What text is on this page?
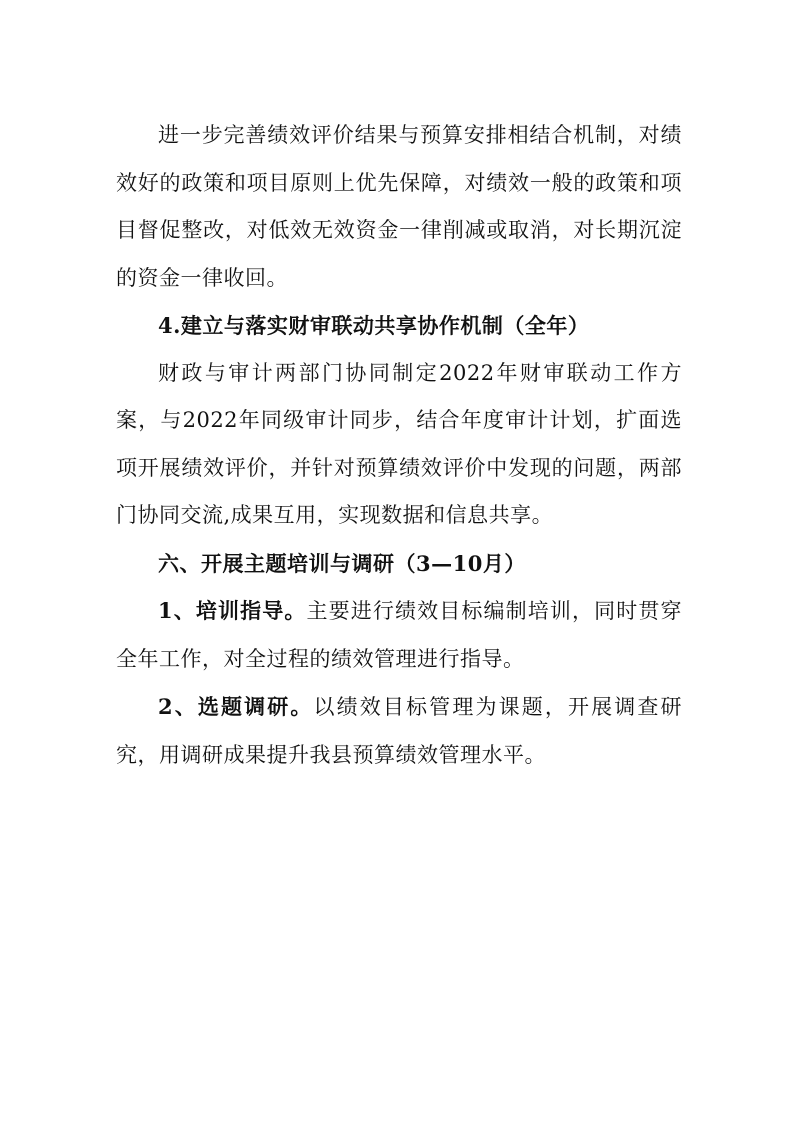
进一步完善绩效评价结果与预算安排相结合机制，对绩效好的政策和项目原则上优先保障，对绩效一般的政策和项目督促整改，对低效无效资金一律削减或取消，对长期沉淀的资金一律收回。

4.建立与落实财审联动共享协作机制（全年）

财政与审计两部门协同制定2022年财审联动工作方案，与2022年同级审计同步，结合年度审计计划，扩面选项开展绩效评价，并针对预算绩效评价中发现的问题，两部门协同交流,成果互用，实现数据和信息共享。

六、开展主题培训与调研（3—10月）

1、培训指导。主要进行绩效目标编制培训，同时贯穿全年工作，对全过程的绩效管理进行指导。

2、选题调研。以绩效目标管理为课题，开展调查研究，用调研成果提升我县预算绩效管理水平。
